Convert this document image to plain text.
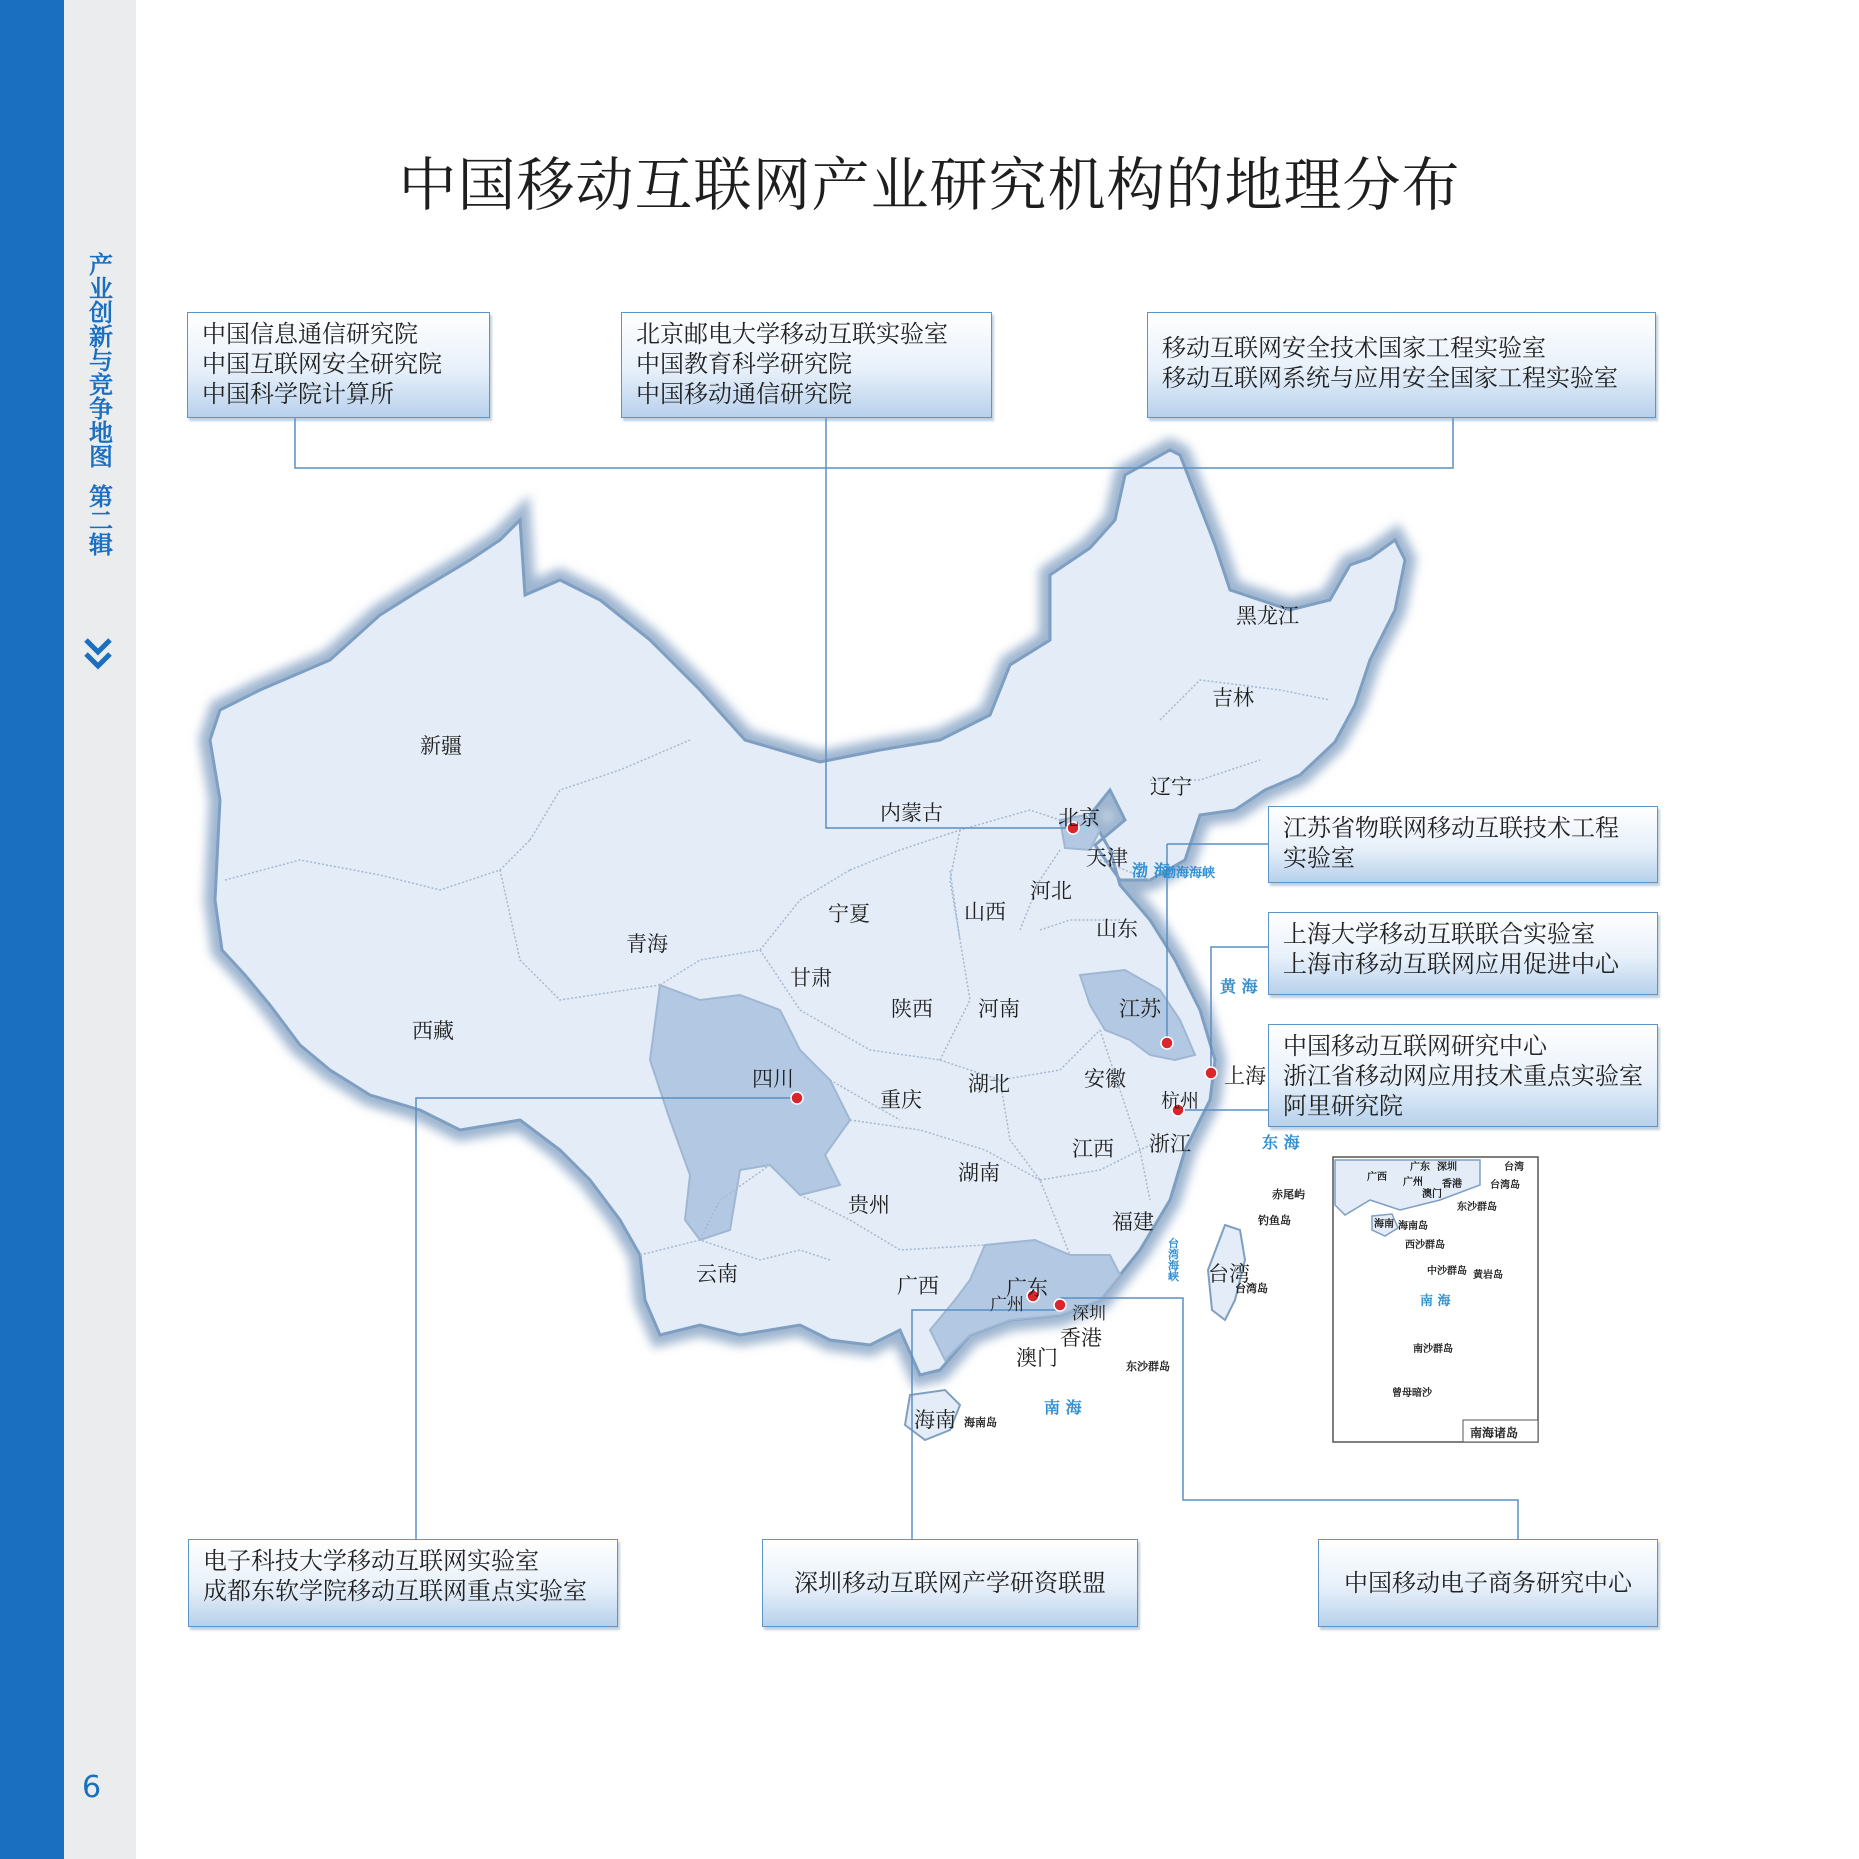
产业创新与竞争地图 第二辑
6
中国移动互联网产业研究机构的地理分布
新疆
西藏
青海
甘肃
宁夏
内蒙古
黑龙江
吉林
辽宁
北京
天津
河北
山西
山东
陕西 河南	江苏
上海
安徽
湖北
四川
重庆
浙江
江西
湖南
贵州
云南	广西	广东
福建
台湾
海南
香港
澳门
杭州
广州	深圳
渤 海
渤海海峡
黄 海
东 海
南 海
台 湾 海 峡
钓鱼岛
赤尾屿
台湾岛
东沙群岛
海南岛
广西
广东 深圳
广州
澳门
香港
台湾
台湾岛
海南 海南岛
东沙群岛
西沙群岛
中沙群岛 黄岩岛
南沙群岛
曾母暗沙
南 海
南海诸岛
中国信息通信研究院
中国互联网安全研究院
中国科学院计算所
北京邮电大学移动互联实验室
中国教育科学研究院
中国移动通信研究院
移动互联网安全技术国家工程实验室
移动互联网系统与应用安全国家工程实验室
江苏省物联网移动互联技术工程
实验室
上海大学移动互联联合实验室
上海市移动互联网应用促进中心
中国移动互联网研究中心
浙江省移动网应用技术重点实验室
阿里研究院
电子科技大学移动互联网实验室
成都东软学院移动互联网重点实验室	深圳移动互联网产学研资联盟	中国移动电子商务研究中心
